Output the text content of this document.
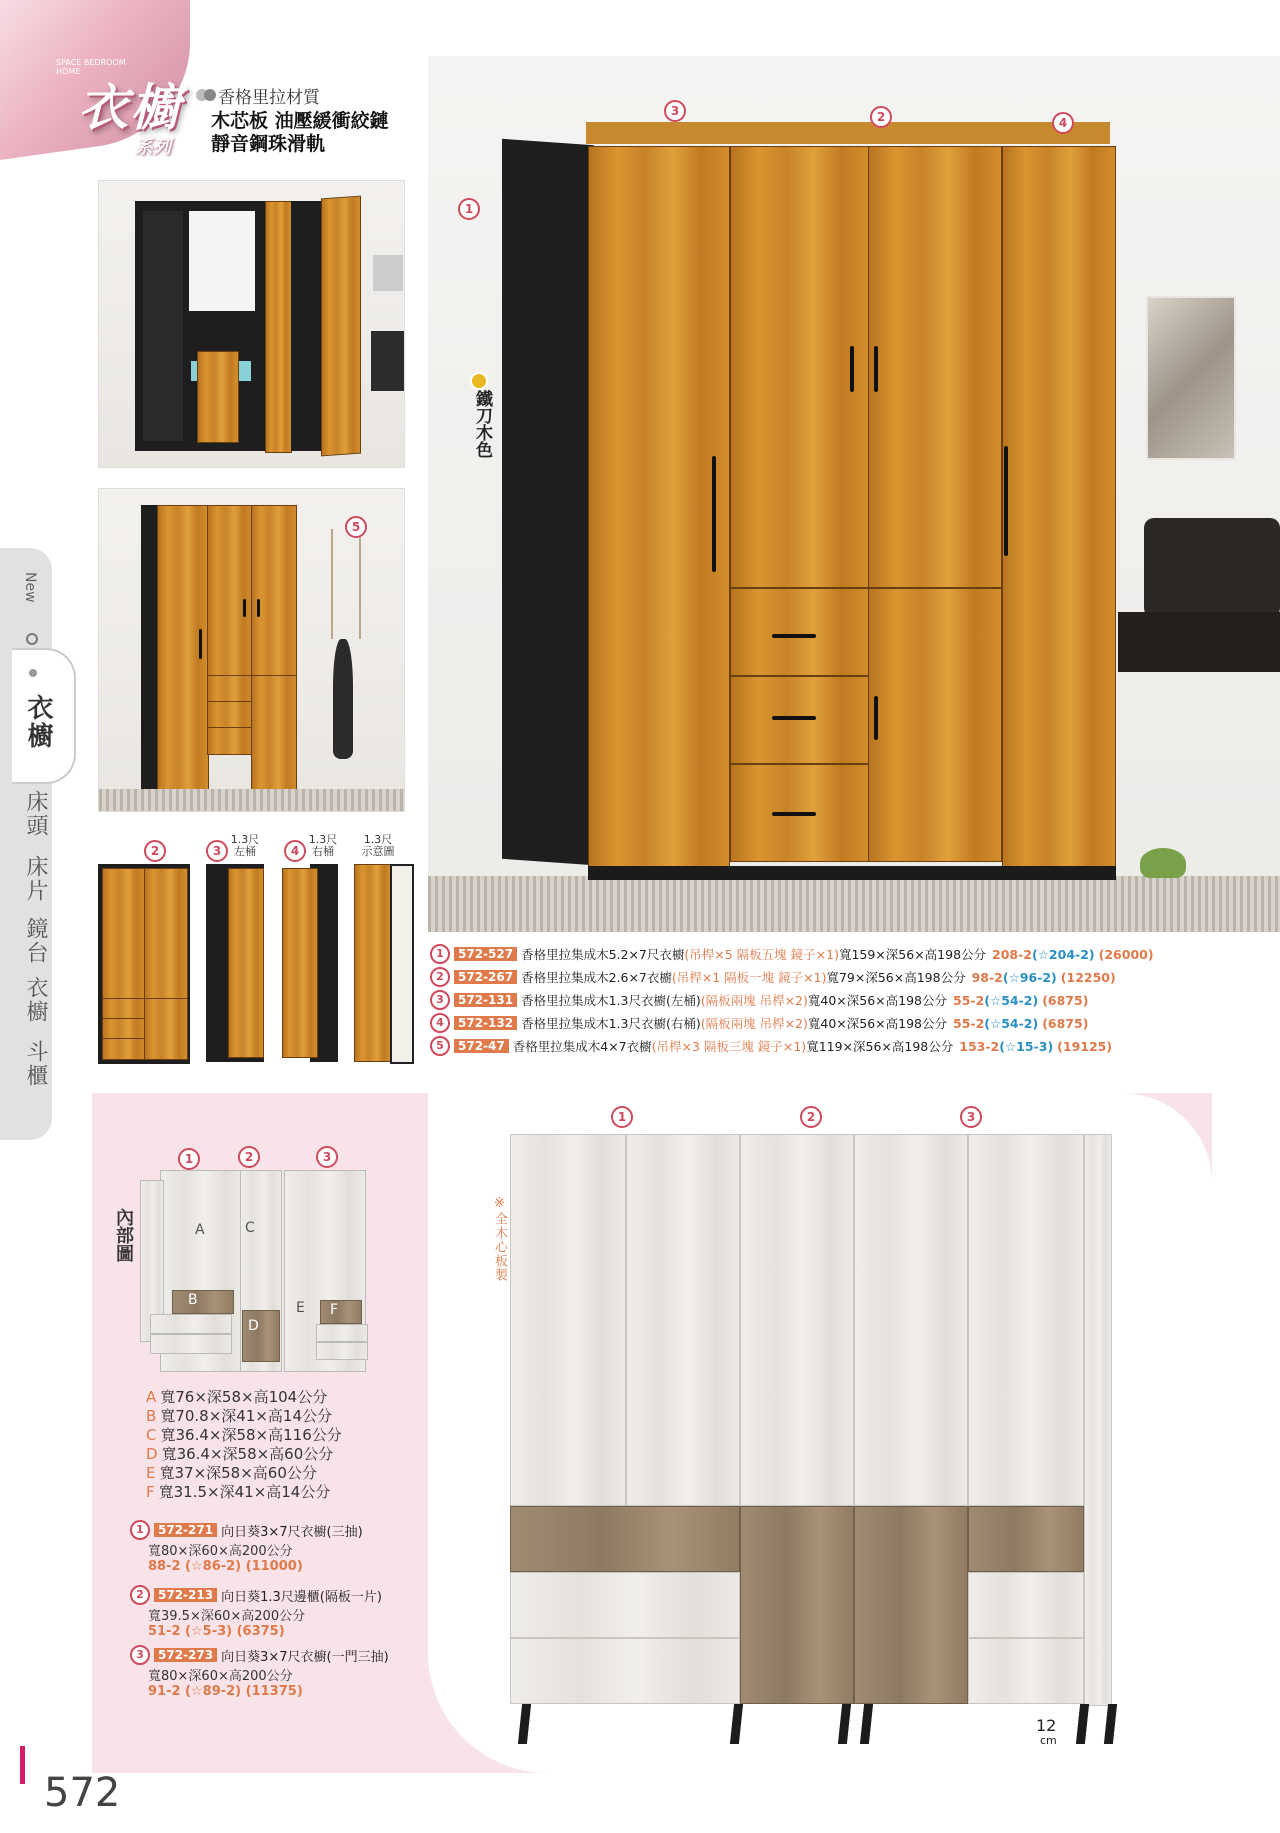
SPACE BEDROOM HOME
衣櫥
系列
香格里拉材質
木芯板 油壓緩衝絞鏈
靜音鋼珠滑軌
New
衣櫥
床頭
床片
鏡台
衣櫥
斗櫃
5
2	3
1.3尺
左桶	4
1.3尺
右桶
1.3尺
示意圖
3	2	4
1
鐵刀木色
1	572-527 香格里拉集成木5.2×7尺衣櫥 (吊桿×5 隔板五塊 鏡子×1) 寬159×深56×高198公分 208-2 (☆204-2) (26000)
2	572-267 香格里拉集成木2.6×7衣櫥 (吊桿×1 隔板一塊 鏡子×1) 寬79×深56×高198公分 98-2 (☆96-2) (12250)
3	572-131 香格里拉集成木1.3尺衣櫥(左桶) (隔板兩塊 吊桿×2) 寬40×深56×高198公分 55-2 (☆54-2) (6875)
4	572-132 香格里拉集成木1.3尺衣櫥(右桶) (隔板兩塊 吊桿×2) 寬40×深56×高198公分 55-2 (☆54-2) (6875)
5	572-47 香格里拉集成木4×7衣櫥 (吊桿×3 隔板三塊 鏡子×1) 寬119×深56×高198公分 153-2 (☆15-3) (19125)
內部圖
1	2	3
A
B
C
D
E F
A 寬76×深58×高104公分
B 寬70.8×深41×高14公分
C 寬36.4×深58×高116公分
D 寬36.4×深58×高60公分
E 寬37×深58×高60公分
F 寬31.5×深41×高14公分
1	572-271 向日葵3×7尺衣櫥(三抽)
寬80×深60×高200公分
88-2 (☆86-2) (11000)
2	572-213 向日葵1.3尺邊櫃(隔板一片)
寬39.5×深60×高200公分
51-2 (☆5-3) (6375)
3	572-273 向日葵3×7尺衣櫥(一門三抽)
寬80×深60×高200公分
91-2 (☆89-2) (11375)
※全木心板製
1	2	3
12
cm
572
